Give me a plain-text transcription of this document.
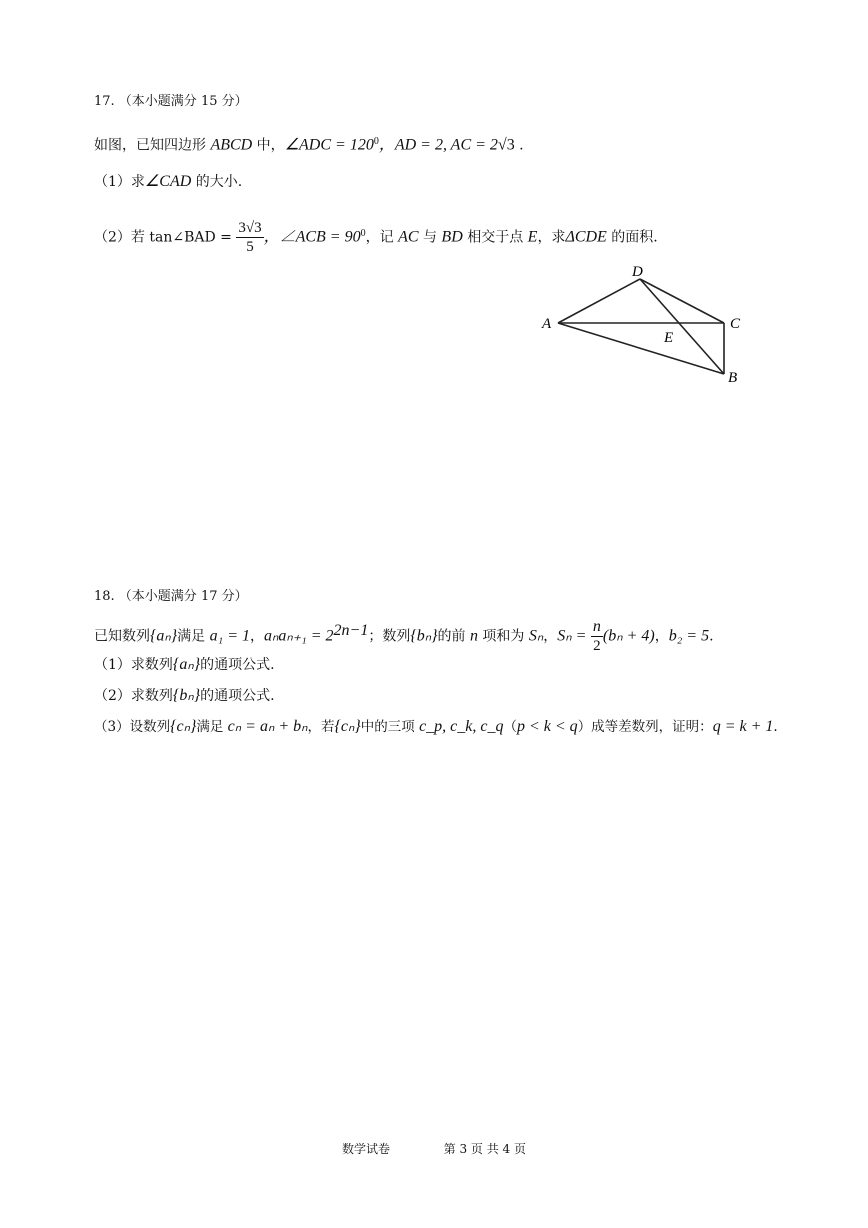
17. （本小题满分 15 分）
如图，已知四边形 ABCD 中，∠ADC = $120^0$，AD = 2, AC = 2√3 .
（1）求∠CAD 的大小.
（2）若 tan∠BAD = $\frac{3√3}{5}$ ，∠ACB = $90^0$，记 AC 与 BD 相交于点 E，求ΔCDE 的面积.
A
D
C
B
E
18. （本小题满分 17 分）
已知数列{aₙ}满足 a₁ = 1，$a_na_{n+1} = 2^{2n-1}$；数列{bₙ}的前 n 项和为 Sₙ，$S_n = \frac{n}{2} (b_n + 4)$，b₂ = 5.
（1）求数列{aₙ}的通项公式.
（2）求数列{bₙ}的通项公式.
（3）设数列{cₙ}满足 cₙ = aₙ + bₙ，若{cₙ}中的三项 c_p, c_k, c_q（p < k < q）成等差数列，证明：q = k + 1.
数学试卷	第 3 页 共 4 页
